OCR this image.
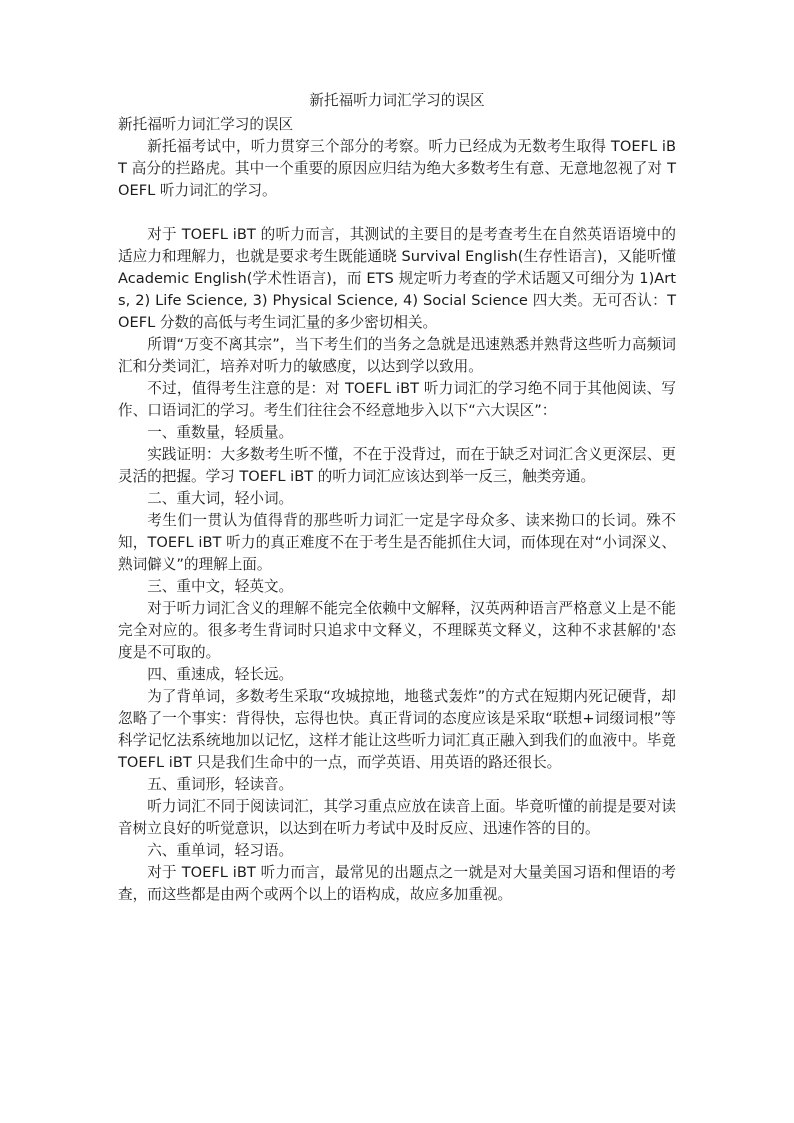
新托福听力词汇学习的误区

新托福听力词汇学习的误区

新托福考试中，听力贯穿三个部分的考察。听力已经成为无数考生取得 TOEFL iBT 高分的拦路虎。其中一个重要的原因应归结为绝大多数考生有意、无意地忽视了对 TOEFL 听力词汇的学习。

对于 TOEFL iBT 的听力而言，其测试的主要目的是考查考生在自然英语语境中的适应力和理解力，也就是要求考生既能通晓 Survival English(生存性语言)，又能听懂 Academic English(学术性语言)，而 ETS 规定听力考查的学术话题又可细分为 1)Arts, 2) Life Science, 3) Physical Science, 4) Social Science 四大类。无可否认：TOEFL 分数的高低与考生词汇量的多少密切相关。

所谓“万变不离其宗”，当下考生们的当务之急就是迅速熟悉并熟背这些听力高频词汇和分类词汇，培养对听力的敏感度，以达到学以致用。

不过，值得考生注意的是：对 TOEFL iBT 听力词汇的学习绝不同于其他阅读、写作、口语词汇的学习。考生们往往会不经意地步入以下“六大误区”：

一、重数量，轻质量。

实践证明：大多数考生听不懂，不在于没背过，而在于缺乏对词汇含义更深层、更灵活的把握。学习 TOEFL iBT 的听力词汇应该达到举一反三，触类旁通。

二、重大词，轻小词。

考生们一贯认为值得背的那些听力词汇一定是字母众多、读来拗口的长词。殊不知，TOEFL iBT 听力的真正难度不在于考生是否能抓住大词，而体现在对“小词深义、熟词僻义”的理解上面。

三、重中文，轻英文。

对于听力词汇含义的理解不能完全依赖中文解释，汉英两种语言严格意义上是不能完全对应的。很多考生背词时只追求中文释义，不理睬英文释义，这种不求甚解的'态度是不可取的。

四、重速成，轻长远。

为了背单词，多数考生采取“攻城掠地，地毯式轰炸”的方式在短期内死记硬背，却忽略了一个事实：背得快，忘得也快。真正背词的态度应该是采取“联想+词缀词根”等科学记忆法系统地加以记忆，这样才能让这些听力词汇真正融入到我们的血液中。毕竟 TOEFL iBT 只是我们生命中的一点，而学英语、用英语的路还很长。

五、重词形，轻读音。

听力词汇不同于阅读词汇，其学习重点应放在读音上面。毕竟听懂的前提是要对读音树立良好的听觉意识，以达到在听力考试中及时反应、迅速作答的目的。

六、重单词，轻习语。

对于 TOEFL iBT 听力而言，最常见的出题点之一就是对大量美国习语和俚语的考查，而这些都是由两个或两个以上的语构成，故应多加重视。
